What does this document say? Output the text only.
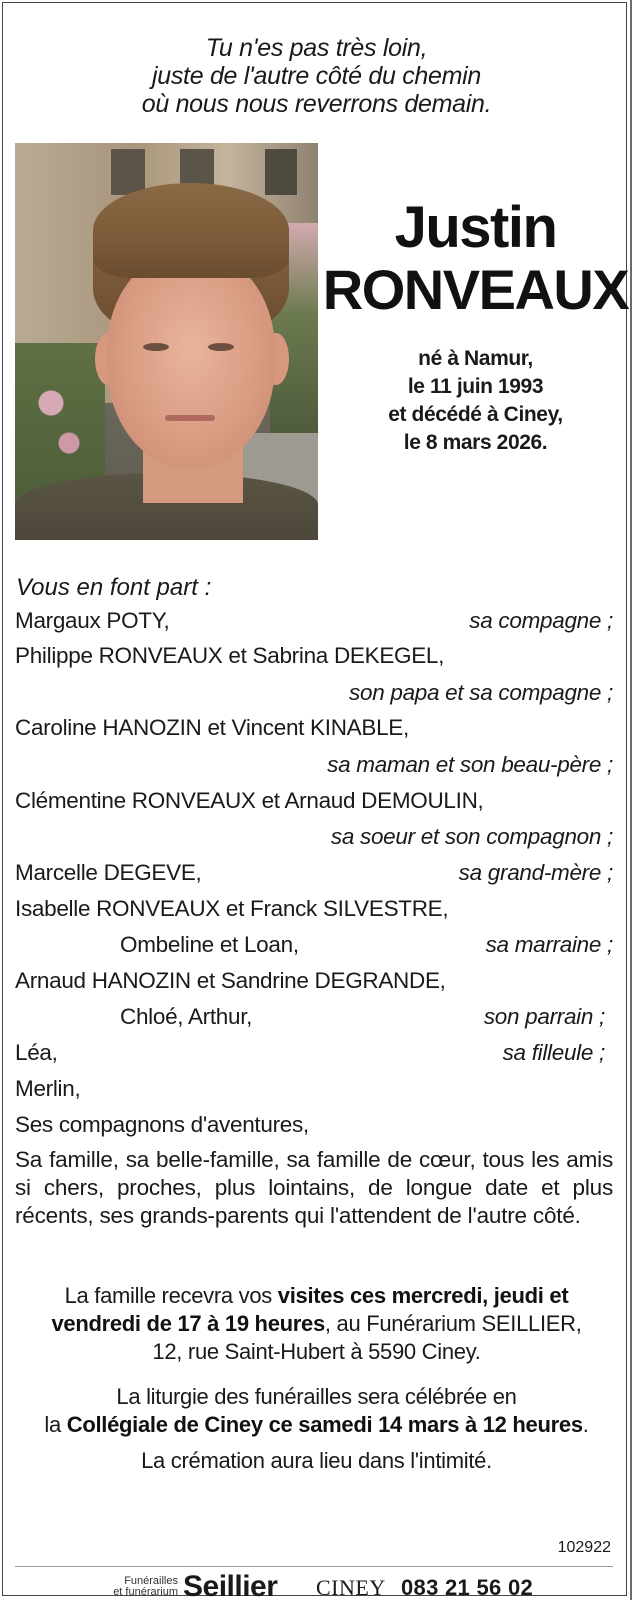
Tu n'es pas très loin,
juste de l'autre côté du chemin
où nous nous reverrons demain.
Justin
RONVEAUX
né à Namur,
le 11 juin 1993
et décédé à Ciney,
le 8 mars 2026.
Vous en font part :
Margaux POTY,	sa compagne ;
Philippe RONVEAUX et Sabrina DEKEGEL,
son papa et sa compagne ;
Caroline HANOZIN et Vincent KINABLE,
sa maman et son beau-père ;
Clémentine RONVEAUX et Arnaud DEMOULIN,
sa soeur et son compagnon ;
Marcelle DEGEVE,	sa grand-mère ;
Isabelle RONVEAUX et Franck SILVESTRE,
Ombeline et Loan,	sa marraine ;
Arnaud HANOZIN et Sandrine DEGRANDE,
Chloé, Arthur,	son parrain ;
Léa,	sa filleule ;
Merlin,
Ses compagnons d'aventures,
Sa famille, sa belle-famille, sa famille de cœur, tous les amis si chers, proches, plus lointains, de longue date et plus récents, ses grands-parents qui l'attendent de l'autre côté.
La famille recevra vos visites ces mercredi, jeudi et
vendredi de 17 à 19 heures, au Funérarium SEILLIER,
12, rue Saint-Hubert à 5590 Ciney.
La liturgie des funérailles sera célébrée en
la Collégiale de Ciney ce samedi 14 mars à 12 heures.
La crémation aura lieu dans l'intimité.
102922
Funérailles
et funérarium Seillier CINEY 083 21 56 02
